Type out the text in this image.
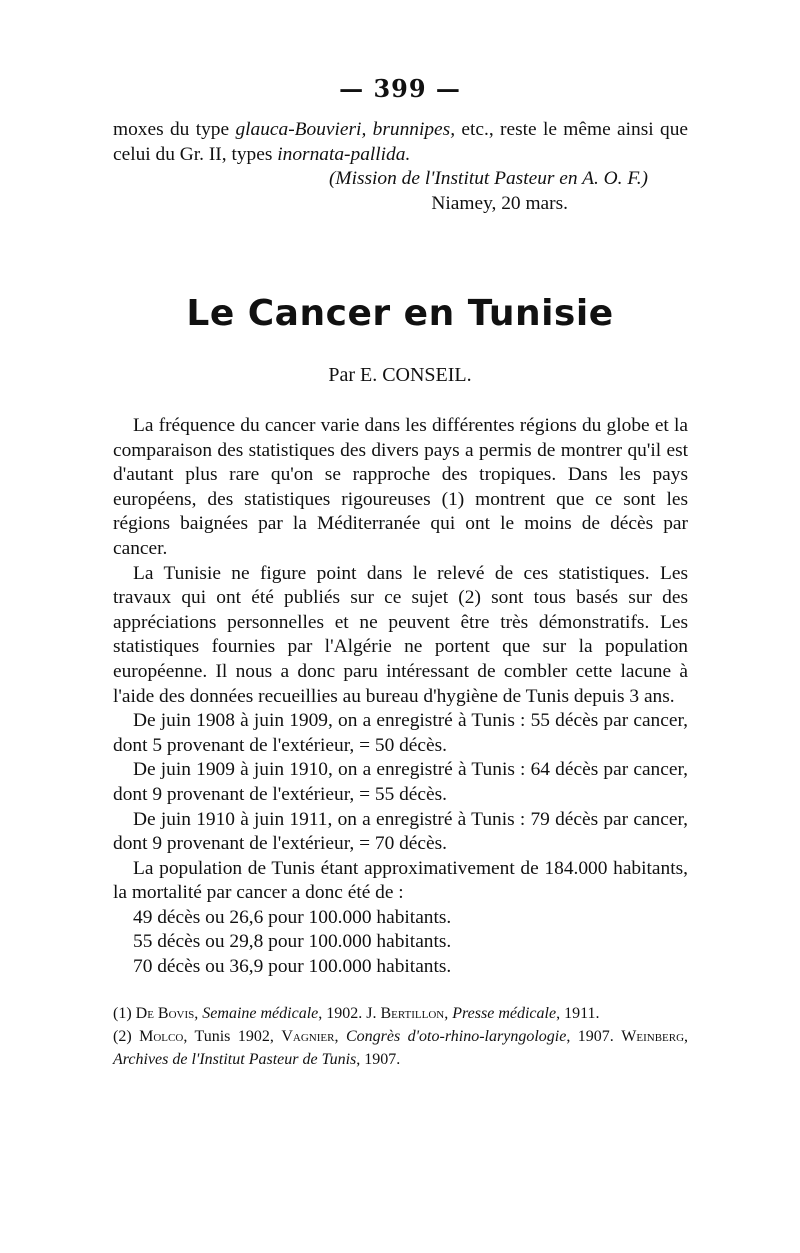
— 399 —

moxes du type glauca-Bouvieri, brunnipes, etc., reste le même ainsi que celui du Gr. II, types inornata-pallida.

(Mission de l'Institut Pasteur en A. O. F.)

Niamey, 20 mars.

Le Cancer en Tunisie
Par E. CONSEIL.

La fréquence du cancer varie dans les différentes régions du globe et la comparaison des statistiques des divers pays a permis de montrer qu'il est d'autant plus rare qu'on se rapproche des tropiques. Dans les pays européens, des statistiques rigoureuses (1) montrent que ce sont les régions baignées par la Méditerranée qui ont le moins de décès par cancer.

La Tunisie ne figure point dans le relevé de ces statistiques. Les travaux qui ont été publiés sur ce sujet (2) sont tous basés sur des appréciations personnelles et ne peuvent être très démonstratifs. Les statistiques fournies par l'Algérie ne portent que sur la population européenne. Il nous a donc paru intéressant de combler cette lacune à l'aide des données recueillies au bureau d'hygiène de Tunis depuis 3 ans.

De juin 1908 à juin 1909, on a enregistré à Tunis : 55 décès par cancer, dont 5 provenant de l'extérieur, = 50 décès.

De juin 1909 à juin 1910, on a enregistré à Tunis : 64 décès par cancer, dont 9 provenant de l'extérieur, = 55 décès.

De juin 1910 à juin 1911, on a enregistré à Tunis : 79 décès par cancer, dont 9 provenant de l'extérieur, = 70 décès.

La population de Tunis étant approximativement de 184.000 habitants, la mortalité par cancer a donc été de :

49 décès ou 26,6 pour 100.000 habitants.

55 décès ou 29,8 pour 100.000 habitants.

70 décès ou 36,9 pour 100.000 habitants.

(1) De Bovis, Semaine médicale, 1902. J. Bertillon, Presse médicale, 1911.

(2) Molco, Tunis 1902, Vagnier, Congrès d'oto-rhino-laryngologie, 1907. Weinberg, Archives de l'Institut Pasteur de Tunis, 1907.
